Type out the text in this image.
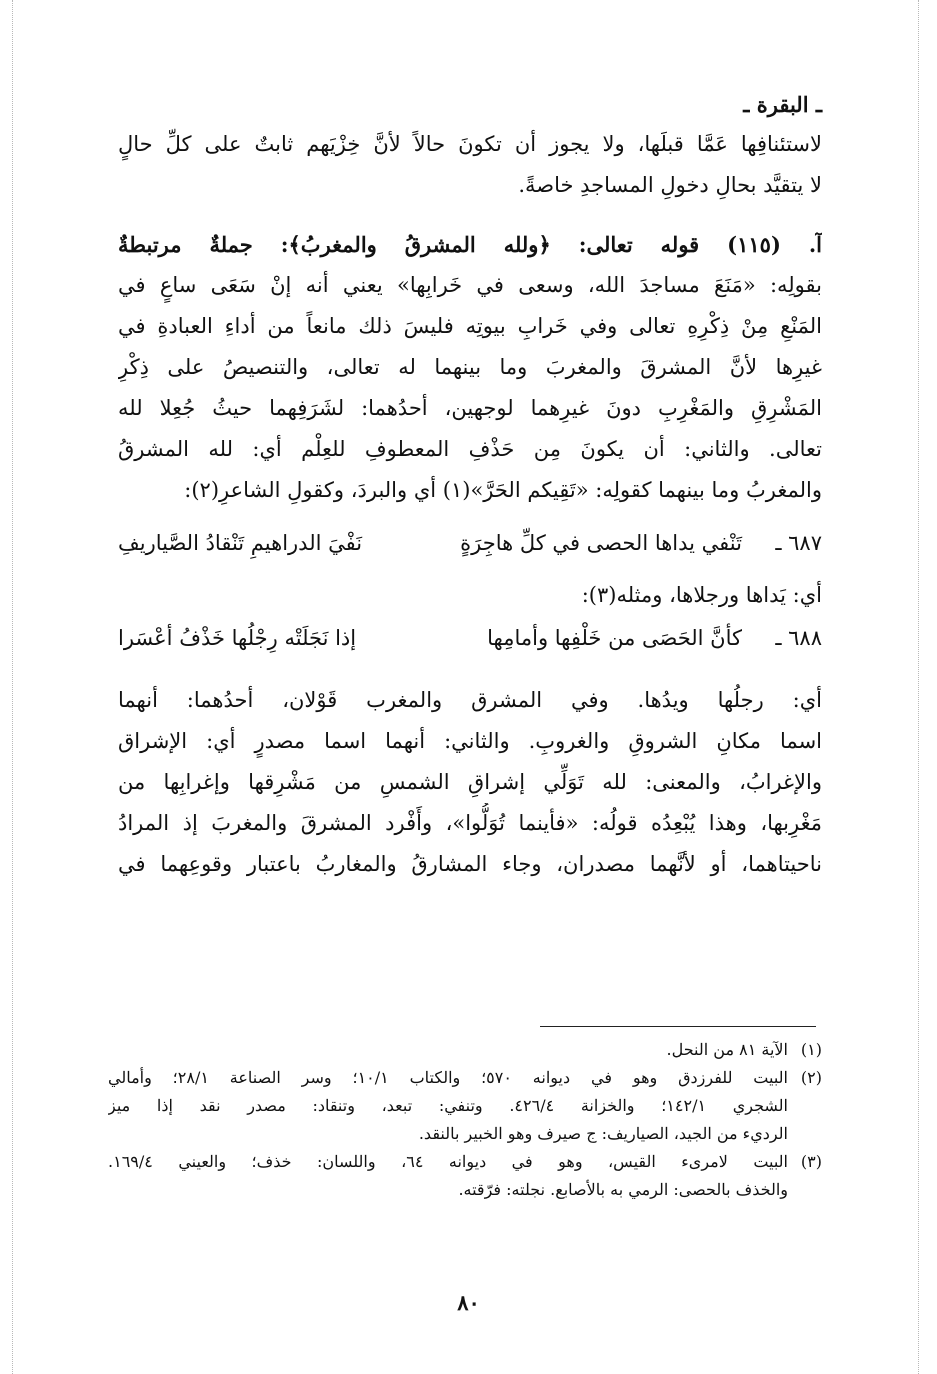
ـ البقرة ـ
لاستئنافِها عَمَّا قبلَها، ولا يجوز أن تكونَ حالاً لأنَّ خِزْيَهم ثابتٌ على كلِّ حالٍ
لا يتقيَّد بحالِ دخولِ المساجدِ خاصةً.
آ. (١١٥) قوله تعالى: ﴿ولله المشرقُ والمغربُ﴾: جملةٌ مرتبطةٌ
بقولِه: «مَنَعَ مساجدَ الله، وسعى في خَرابِها» يعني أنه إنْ سَعَى ساعٍ في
المَنْعِ مِنْ ذِكْرِهِ تعالى وفي خَرابِ بيوتِه فليسَ ذلك مانعاً من أداءِ العبادةِ في
غيرِها لأنَّ المشرقَ والمغربَ وما بينهما له تعالى، والتنصيصُ على ذِكْرِ
المَشْرِقِ والمَغْرِبِ دونَ غيرِهما لوجهين، أحدُهما: لشَرَفِهما حيثُ جُعِلا لله
تعالى. والثاني: أن يكونَ مِن حَذْفِ المعطوفِ للعِلْم أي: لله المشرقُ
والمغربُ وما بينهما كقولِه: «تَقِيكم الحَرَّ»(١) أي والبردَ، وكقولِ الشاعرِ(٢):
٦٨٧ ـ
تَنْفي يداها الحصى في كلِّ هاجِرَةٍ
نَفْيَ الدراهيمِ تَنْقادُ الصَّياريفِ
أي: يَداها ورجلاها، ومثله(٣):
٦٨٨ ـ
كأنَّ الحَصَى من خَلْفِها وأمامِها
إذا نَجَلَتْه رِجْلُها خَذْفُ أعْسَرا
أي: رجلُها ويدُها. وفي المشرق والمغرب قَوْلان، أحدُهما: أنهما
اسما مكانِ الشروقِ والغروبِ. والثاني: أنهما اسما مصدرٍ أي: الإشراق
والإغرابُ، والمعنى: لله تَوَلِّي إشراقِ الشمسِ من مَشْرِقها وإغرابِها من
مَغْرِبها، وهذا يُبْعِدُه قولُه: «فأينما تُوَلُّوا»، وأَفْرد المشرقَ والمغربَ إذ المرادُ
ناحيتاهما، أو لأنَّهما مصدران، وجاء المشارقُ والمغاربُ باعتبار وقوعِهما في
(١)
الآية ٨١ من النحل.
(٢)
البيت للفرزدق وهو في ديوانه ٥٧٠؛ والكتاب ١٠/١؛ وسر الصناعة ٢٨/١؛ وأمالي
الشجري ١٤٢/١؛ والخزانة ٤٢٦/٤. وتنفي: تبعد، وتنقاد: مصدر نقد إذا ميز
الرديء من الجيد، الصياريف: ج صيرف وهو الخبير بالنقد.
(٣)
البيت لامرىء القيس، وهو في ديوانه ٦٤، واللسان: خذف؛ والعيني ١٦٩/٤.
والخذف بالحصى: الرمي به بالأصابع. نجلته: فرّقته.
٨٠
